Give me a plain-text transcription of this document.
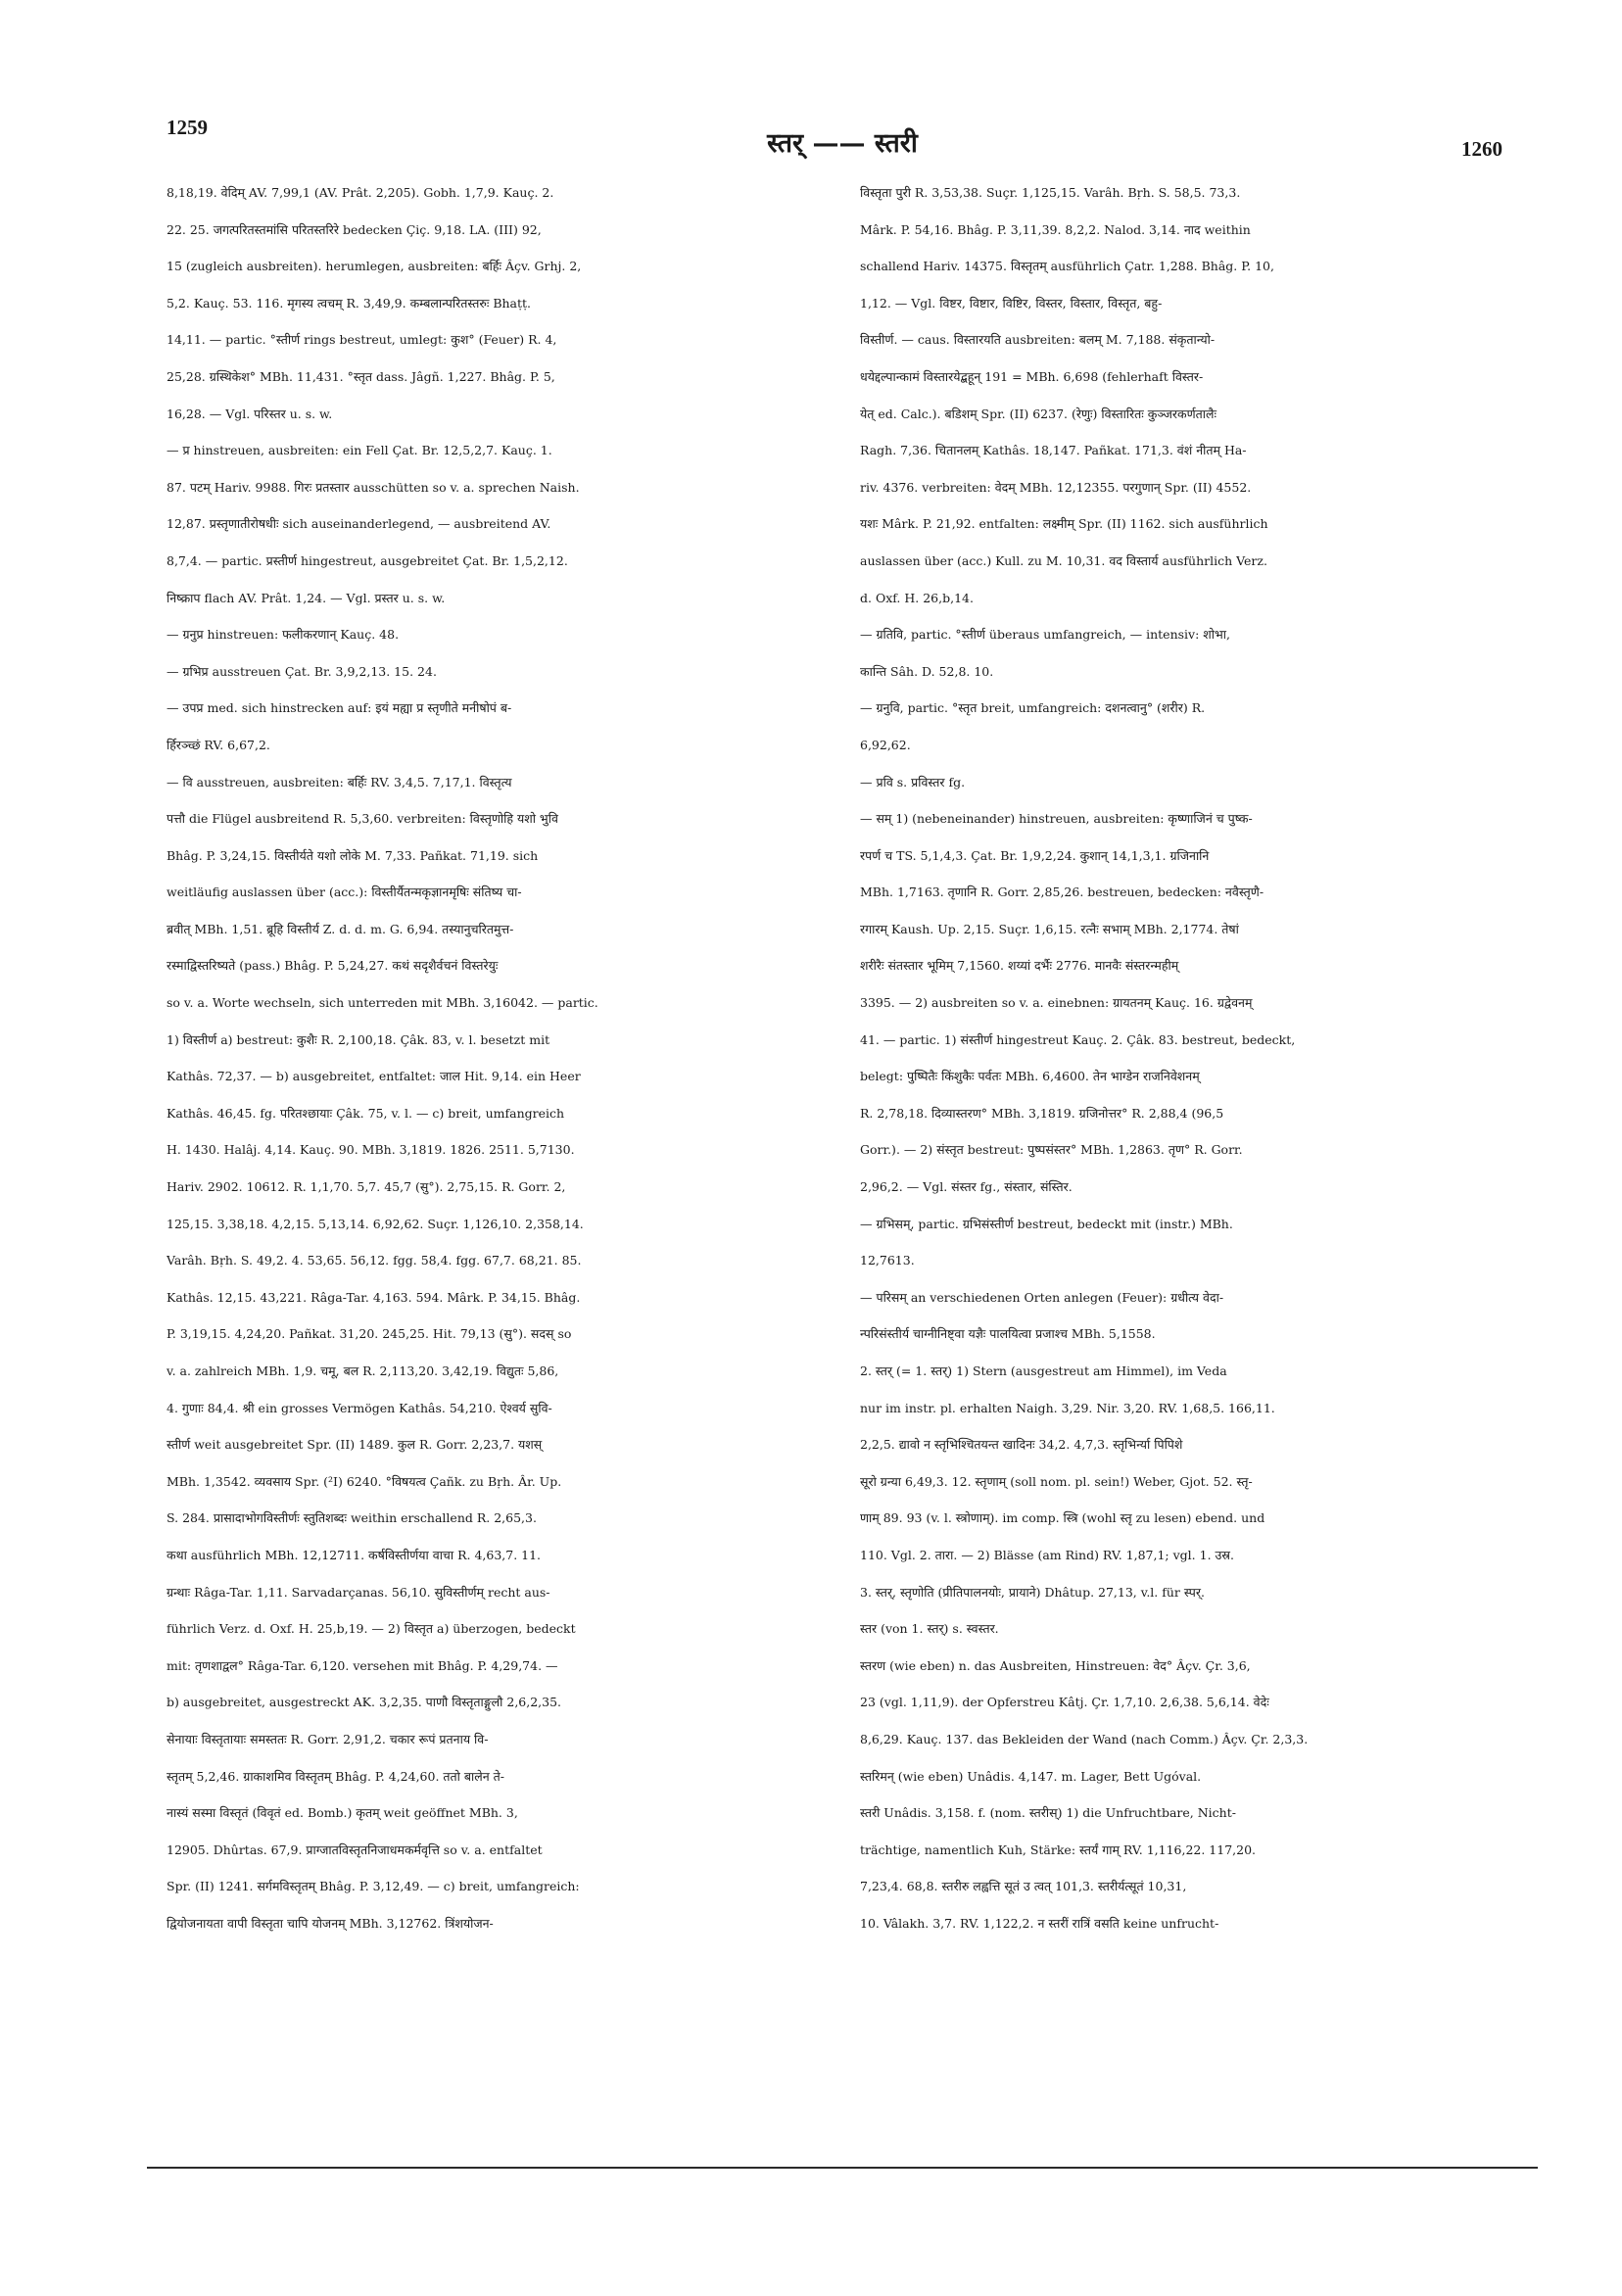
1259
स्तर् —— स्तरी	1260
8,18,19. वेदिम् AV. 7,99,1 (AV. Prât. 2,205). Gobh. 1,7,9. Kauç. 2.
22. 25. जगत्परितस्तमांसि परितस्तरिरे bedecken Çiç. 9,18. LA. (III) 92,
15 (zugleich ausbreiten). herumlegen, ausbreiten: बर्हिः Âçv. Grhj. 2,
5,2. Kauç. 53. 116. मृगस्य त्वचम् R. 3,49,9. कम्बलान्परितस्तरुः Bhaṭṭ.
14,11. — partic. °स्तीर्ण rings bestreut, umlegt: कुश° (Feuer) R. 4,
25,28. ग्रस्थिकेश° MBh. 11,431. °स्तृत dass. Jâgñ. 1,227. Bhâg. P. 5,
16,28. — Vgl. परिस्तर u. s. w.
— प्र hinstreuen, ausbreiten: ein Fell Çat. Br. 12,5,2,7. Kauç. 1.
87. पटम् Hariv. 9988. गिरः प्रतस्तार ausschütten so v. a. sprechen Naish.
12,87. प्रस्तृणातीरोषधीः sich auseinanderlegend, — ausbreitend AV.
8,7,4. — partic. प्रस्तीर्ण hingestreut, ausgebreitet Çat. Br. 1,5,2,12.
निष्क्राप flach AV. Prât. 1,24. — Vgl. प्रस्तर u. s. w.
— ग्रनुप्र hinstreuen: फलीकरणान् Kauç. 48.
— ग्रभिप्र ausstreuen Çat. Br. 3,9,2,13. 15. 24.
— उपप्र med. sich hinstrecken auf: इयं मह्या प्र स्तृणीते मनीषोपं ब-
र्हिरञ्च्छं RV. 6,67,2.
— वि ausstreuen, ausbreiten: बर्हिः RV. 3,4,5. 7,17,1. विस्तृत्य
पत्तौ die Flügel ausbreitend R. 5,3,60. verbreiten: विस्तृणोहि यशो भुवि
Bhâg. P. 3,24,15. विस्तीर्यते यशो लोके M. 7,33. Pañkat. 71,19. sich
weitläufig auslassen über (acc.): विस्तीर्यैतन्मकृज्ञानमृषिः संतिष्य चा-
ब्रवीत् MBh. 1,51. ब्रूहि विस्तीर्य Z. d. d. m. G. 6,94. तस्यानुचरितमुत्त-
रस्माद्विस्तरिष्यते (pass.) Bhâg. P. 5,24,27. कथं सदृशैर्वचनं विस्तरेयुः
so v. a. Worte wechseln, sich unterreden mit MBh. 3,16042. — partic.
1) विस्तीर्ण a) bestreut: कुशैः R. 2,100,18. Çâk. 83, v. l. besetzt mit
Kathâs. 72,37. — b) ausgebreitet, entfaltet: जाल Hit. 9,14. ein Heer
Kathâs. 46,45. fg. परितश्छायाः Çâk. 75, v. l. — c) breit, umfangreich
H. 1430. Halâj. 4,14. Kauç. 90. MBh. 3,1819. 1826. 2511. 5,7130.
Hariv. 2902. 10612. R. 1,1,70. 5,7. 45,7 (सु°). 2,75,15. R. Gorr. 2,
125,15. 3,38,18. 4,2,15. 5,13,14. 6,92,62. Suçr. 1,126,10. 2,358,14.
Varâh. Bṛh. S. 49,2. 4. 53,65. 56,12. fgg. 58,4. fgg. 67,7. 68,21. 85.
Kathâs. 12,15. 43,221. Râga-Tar. 4,163. 594. Mârk. P. 34,15. Bhâg.
P. 3,19,15. 4,24,20. Pañkat. 31,20. 245,25. Hit. 79,13 (सु°). सदस् so
v. a. zahlreich MBh. 1,9. चमू, बल R. 2,113,20. 3,42,19. विद्युतः 5,86,
4. गुणाः 84,4. श्री ein grosses Vermögen Kathâs. 54,210. ऐश्वर्य सुवि-
स्तीर्ण weit ausgebreitet Spr. (II) 1489. कुल R. Gorr. 2,23,7. यशस्
MBh. 1,3542. व्यवसाय Spr. (²I) 6240. °विषयत्व Çañk. zu Bṛh. Âr. Up.
S. 284. प्रासादाभोगविस्तीर्णः स्तुतिशब्दः weithin erschallend R. 2,65,3.
कथा ausführlich MBh. 12,12711. कर्षविस्तीर्णया वाचा R. 4,63,7. 11.
ग्रन्थाः Râga-Tar. 1,11. Sarvadarçanas. 56,10. सुविस्तीर्णम् recht aus-
führlich Verz. d. Oxf. H. 25,b,19. — 2) विस्तृत a) überzogen, bedeckt
mit: तृणशाद्वल° Râga-Tar. 6,120. versehen mit Bhâg. P. 4,29,74. —
b) ausgebreitet, ausgestreckt AK. 3,2,35. पाणौ विस्तृताङ्गुलौ 2,6,2,35.
सेनायाः विस्तृतायाः समस्ततः R. Gorr. 2,91,2. चकार रूपं प्रतनाय वि-
स्तृतम् 5,2,46. ग्राकाशमिव विस्तृतम् Bhâg. P. 4,24,60. ततो बालेन ते-
नास्यं सस्मा विस्तृतं (विवृतं ed. Bomb.) कृतम् weit geöffnet MBh. 3,
12905. Dhûrtas. 67,9. प्राग्जातविस्तृतनिजाधमकर्मवृत्ति so v. a. entfaltet
Spr. (II) 1241. सर्गमविस्तृतम् Bhâg. P. 3,12,49. — c) breit, umfangreich:
द्वियोजनायता वापी विस्तृता चापि योजनम् MBh. 3,12762. त्रिंशयोजन-
विस्तृता पुरी R. 3,53,38. Suçr. 1,125,15. Varâh. Bṛh. S. 58,5. 73,3.
Mârk. P. 54,16. Bhâg. P. 3,11,39. 8,2,2. Nalod. 3,14. नाद weithin
schallend Hariv. 14375. विस्तृतम् ausführlich Çatr. 1,288. Bhâg. P. 10,
1,12. — Vgl. विष्टर, विष्टार, विष्टिर, विस्तर, विस्तार, विस्तृत, बहु-
विस्तीर्ण. — caus. विस्तारयति ausbreiten: बलम् M. 7,188. संकृतान्यो-
धयेद्दल्पान्कामं विस्तारयेद्बहून् 191 = MBh. 6,698 (fehlerhaft विस्तर-
येत् ed. Calc.). बडिशम् Spr. (II) 6237. (रेणुः) विस्तारितः कुञ्जरकर्णतालैः
Ragh. 7,36. चितानलम् Kathâs. 18,147. Pañkat. 171,3. वंशं नीतम् Ha-
riv. 4376. verbreiten: वेदम् MBh. 12,12355. परगुणान् Spr. (II) 4552.
यशः Mârk. P. 21,92. entfalten: लक्ष्मीम् Spr. (II) 1162. sich ausführlich
auslassen über (acc.) Kull. zu M. 10,31. वद विस्तार्य ausführlich Verz.
d. Oxf. H. 26,b,14.
— ग्रतिवि, partic. °स्तीर्ण überaus umfangreich, — intensiv: शोभा,
कान्ति Sâh. D. 52,8. 10.
— ग्रनुवि, partic. °स्तृत breit, umfangreich: दशनत्वानु° (शरीर) R.
6,92,62.
— प्रवि s. प्रविस्तर fg.
— सम् 1) (nebeneinander) hinstreuen, ausbreiten: कृष्णाजिनं च पुष्क-
रपर्ण च TS. 5,1,4,3. Çat. Br. 1,9,2,24. कुशान् 14,1,3,1. ग्रजिनानि
MBh. 1,7163. तृणानि R. Gorr. 2,85,26. bestreuen, bedecken: नवैस्तृणै-
रगारम् Kaush. Up. 2,15. Suçr. 1,6,15. रत्नैः सभाम् MBh. 2,1774. तेषां
शरीरैः संतस्तार भूमिम् 7,1560. शय्यां दर्भैः 2776. मानवैः संस्तरन्महीम्
3395. — 2) ausbreiten so v. a. einebnen: ग्रायतनम् Kauç. 16. ग्रद्वेवनम्
41. — partic. 1) संस्तीर्ण hingestreut Kauç. 2. Çâk. 83. bestreut, bedeckt,
belegt: पुष्पितैः किंशुकैः पर्वतः MBh. 6,4600. तेन भाग्डेन राजनिवेशनम्
R. 2,78,18. दिव्यास्तरण° MBh. 3,1819. ग्रजिनोत्तर° R. 2,88,4 (96,5
Gorr.). — 2) संस्तृत bestreut: पुष्पसंस्तर° MBh. 1,2863. तृण° R. Gorr.
2,96,2. — Vgl. संस्तर fg., संस्तार, संस्तिर.
— ग्रभिसम्, partic. ग्रभिसंस्तीर्ण bestreut, bedeckt mit (instr.) MBh.
12,7613.
— परिसम् an verschiedenen Orten anlegen (Feuer): ग्रधीत्य वेदा-
न्परिसंस्तीर्य चाग्नीनिष्ट्वा यज्ञैः पालयित्वा प्रजाश्च MBh. 5,1558.
2. स्तर् (= 1. स्तर्) 1) Stern (ausgestreut am Himmel), im Veda
nur im instr. pl. erhalten Naigh. 3,29. Nir. 3,20. RV. 1,68,5. 166,11.
2,2,5. द्यावो न स्तृभिश्चितयन्त खादिनः 34,2. 4,7,3. स्तृभिर्न्या पिपिशे
सूरो ग्रन्या 6,49,3. 12. स्तृणाम् (soll nom. pl. sein!) Weber, Gjot. 52. स्तृ-
णाम् 89. 93 (v. l. स्त्रोणाम्). im comp. स्त्रि (wohl स्तृ zu lesen) ebend. und
110. Vgl. 2. तारा. — 2) Blässe (am Rind) RV. 1,87,1; vgl. 1. उस्र.
3. स्तर्, स्तृणोति (प्रीतिपालनयोः, प्रायाने) Dhâtup. 27,13, v.l. für स्पर्.
स्तर (von 1. स्तर्) s. स्वस्तर.
स्तरण (wie eben) n. das Ausbreiten, Hinstreuen: वेद° Âçv. Çr. 3,6,
23 (vgl. 1,11,9). der Opferstreu Kâtj. Çr. 1,7,10. 2,6,38. 5,6,14. वेदेः
8,6,29. Kauç. 137. das Bekleiden der Wand (nach Comm.) Âçv. Çr. 2,3,3.
स्तरिमन् (wie eben) Unâdis. 4,147. m. Lager, Bett Ugóval.
स्तरी Unâdis. 3,158. f. (nom. स्तरीस्) 1) die Unfruchtbare, Nicht-
trächtige, namentlich Kuh, Stärke: स्तर्यं गाम् RV. 1,116,22. 117,20.
7,23,4. 68,8. स्तरीरु लह्वत्ति सूतं उ त्वत् 101,3. स्तरीर्यत्सूतं 10,31,
10. Vâlakh. 3,7. RV. 1,122,2. न स्तरीं रात्रिं वसति keine unfrucht-
